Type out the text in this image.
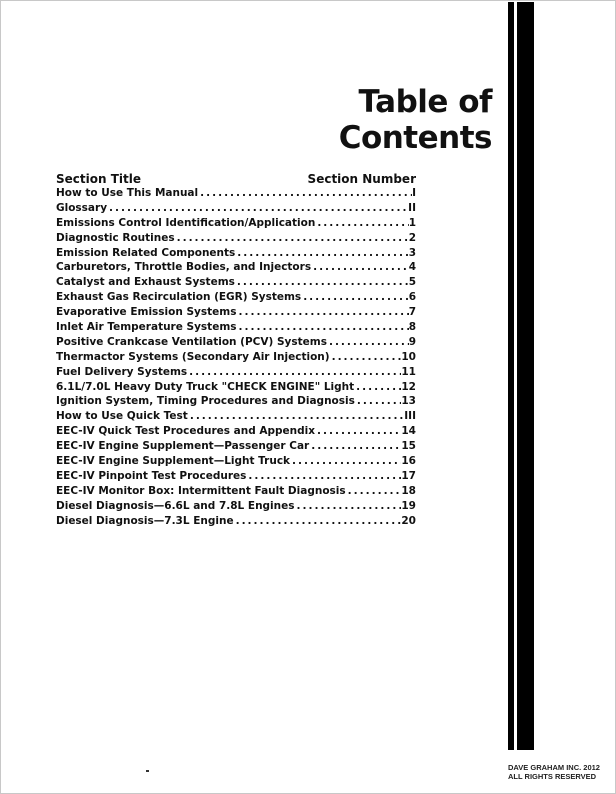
Table of Contents
Section Title	Section Number
How to Use This Manual .....	I
Glossary .....	II
Emissions Control Identification/Application .....	1
Diagnostic Routines .....	2
Emission Related Components .....	3
Carburetors, Throttle Bodies, and Injectors .....	4
Catalyst and Exhaust Systems .....	5
Exhaust Gas Recirculation (EGR) Systems .....	6
Evaporative Emission Systems .....	7
Inlet Air Temperature Systems .....	8
Positive Crankcase Ventilation (PCV) Systems .....	9
Thermactor Systems (Secondary Air Injection) .....	10
Fuel Delivery Systems .....	11
6.1L/7.0L Heavy Duty Truck "CHECK ENGINE" Light .....	12
Ignition System, Timing Procedures and Diagnosis .....	13
How to Use Quick Test .....	III
EEC-IV Quick Test Procedures and Appendix .....	14
EEC-IV Engine Supplement—Passenger Car .....	15
EEC-IV Engine Supplement—Light Truck .....	16
EEC-IV Pinpoint Test Procedures .....	17
EEC-IV Monitor Box: Intermittent Fault Diagnosis .....	18
Diesel Diagnosis—6.6L and 7.8L Engines .....	19
Diesel Diagnosis—7.3L Engine .....	20
DAVE GRAHAM INC. 2012
ALL RIGHTS RESERVED
